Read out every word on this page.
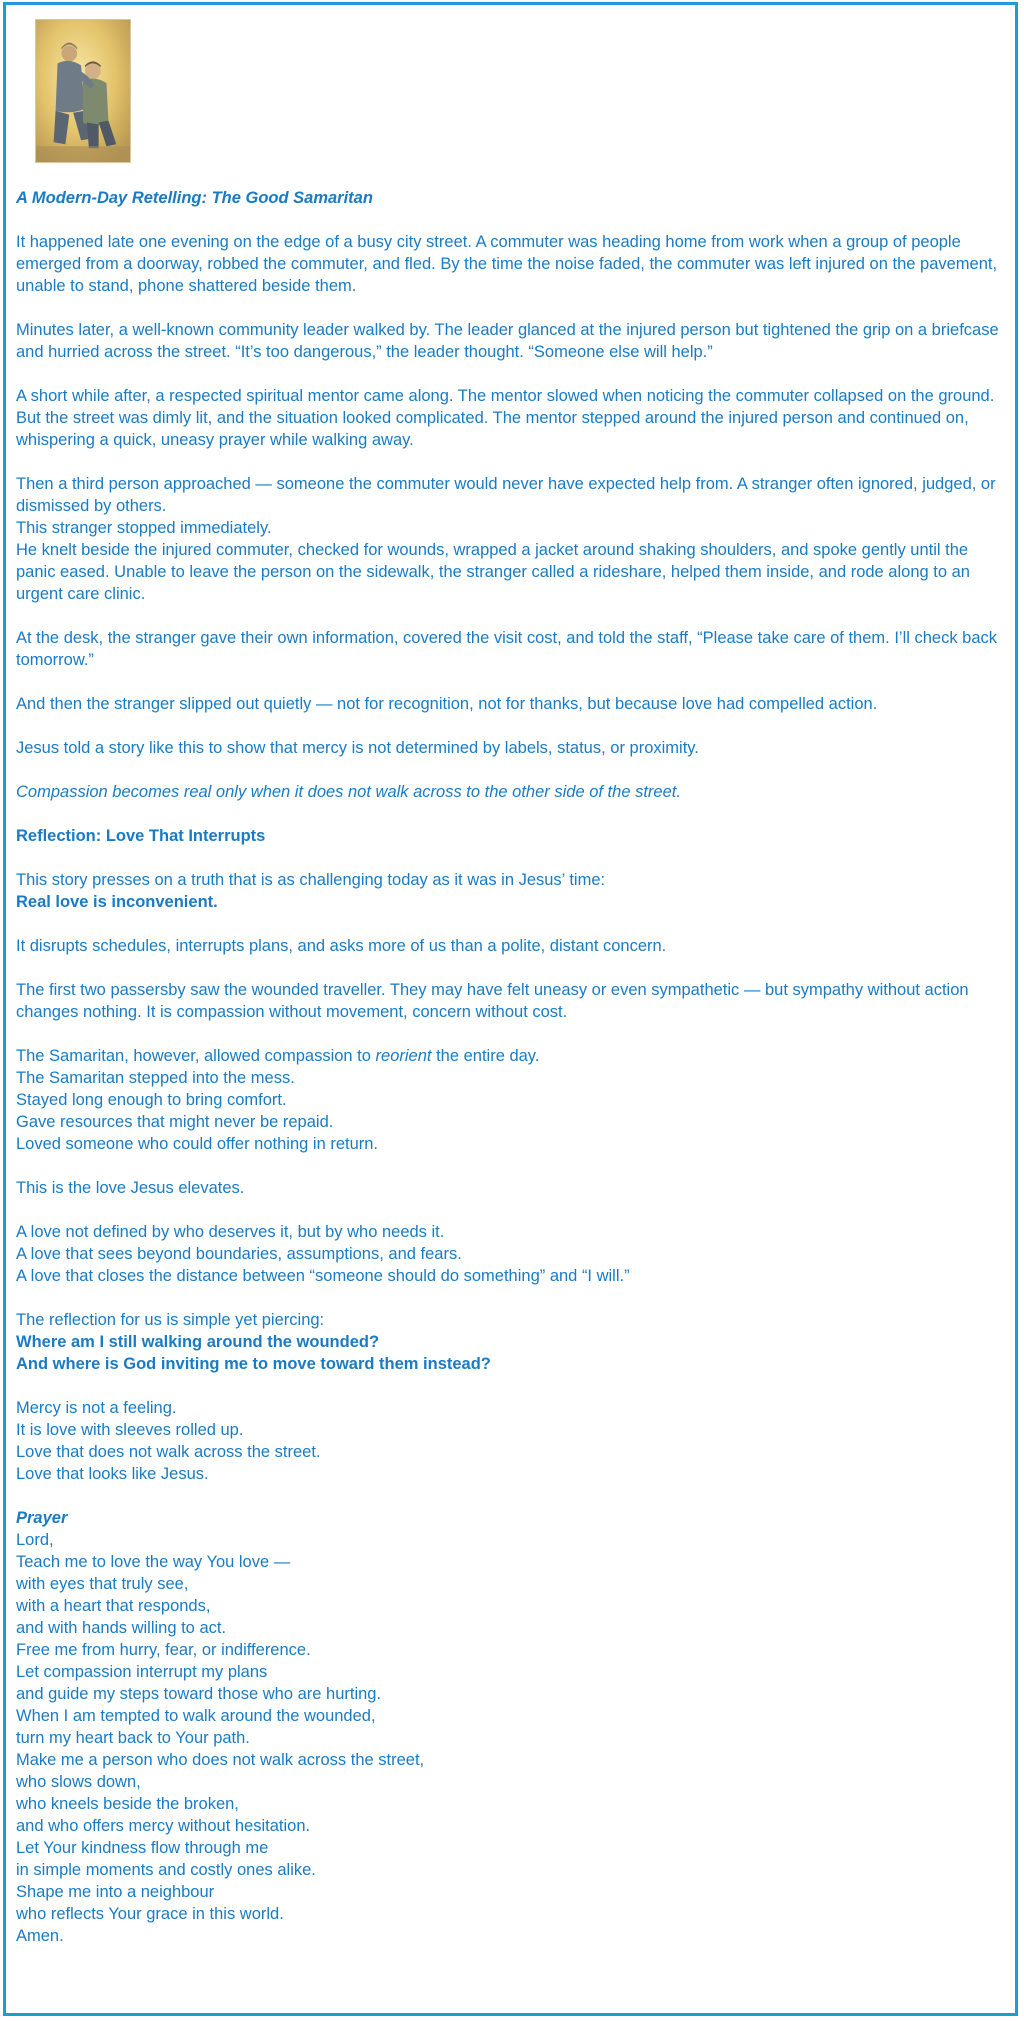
A Modern-Day Retelling: The Good Samaritan

It happened late one evening on the edge of a busy city street. A commuter was heading home from work when a group of people emerged from a doorway, robbed the commuter, and fled. By the time the noise faded, the commuter was left injured on the pavement, unable to stand, phone shattered beside them.

Minutes later, a well-known community leader walked by. The leader glanced at the injured person but tightened the grip on a briefcase and hurried across the street. “It’s too dangerous,” the leader thought. “Someone else will help.”

A short while after, a respected spiritual mentor came along. The mentor slowed when noticing the commuter collapsed on the ground. But the street was dimly lit, and the situation looked complicated. The mentor stepped around the injured person and continued on, whispering a quick, uneasy prayer while walking away.

Then a third person approached — someone the commuter would never have expected help from. A stranger often ignored, judged, or dismissed by others.
This stranger stopped immediately.
He knelt beside the injured commuter, checked for wounds, wrapped a jacket around shaking shoulders, and spoke gently until the panic eased. Unable to leave the person on the sidewalk, the stranger called a rideshare, helped them inside, and rode along to an urgent care clinic.

At the desk, the stranger gave their own information, covered the visit cost, and told the staff, “Please take care of them. I’ll check back tomorrow.”

And then the stranger slipped out quietly — not for recognition, not for thanks, but because love had compelled action.

Jesus told a story like this to show that mercy is not determined by labels, status, or proximity.

Compassion becomes real only when it does not walk across to the other side of the street.

Reflection: Love That Interrupts

This story presses on a truth that is as challenging today as it was in Jesus’ time:
Real love is inconvenient.

It disrupts schedules, interrupts plans, and asks more of us than a polite, distant concern.

The first two passersby saw the wounded traveller. They may have felt uneasy or even sympathetic — but sympathy without action changes nothing. It is compassion without movement, concern without cost.

The Samaritan, however, allowed compassion to reorient the entire day.
The Samaritan stepped into the mess.
Stayed long enough to bring comfort.
Gave resources that might never be repaid.
Loved someone who could offer nothing in return.

This is the love Jesus elevates.

A love not defined by who deserves it, but by who needs it.
A love that sees beyond boundaries, assumptions, and fears.
A love that closes the distance between “someone should do something” and “I will.”

The reflection for us is simple yet piercing:
Where am I still walking around the wounded?
And where is God inviting me to move toward them instead?

Mercy is not a feeling.
It is love with sleeves rolled up.
Love that does not walk across the street.
Love that looks like Jesus.

Prayer
Lord,
Teach me to love the way You love —
with eyes that truly see,
with a heart that responds,
and with hands willing to act.
Free me from hurry, fear, or indifference.
Let compassion interrupt my plans
and guide my steps toward those who are hurting.
When I am tempted to walk around the wounded,
turn my heart back to Your path.
Make me a person who does not walk across the street,
who slows down,
who kneels beside the broken,
and who offers mercy without hesitation.
Let Your kindness flow through me
in simple moments and costly ones alike.
Shape me into a neighbour
who reflects Your grace in this world.
Amen.
